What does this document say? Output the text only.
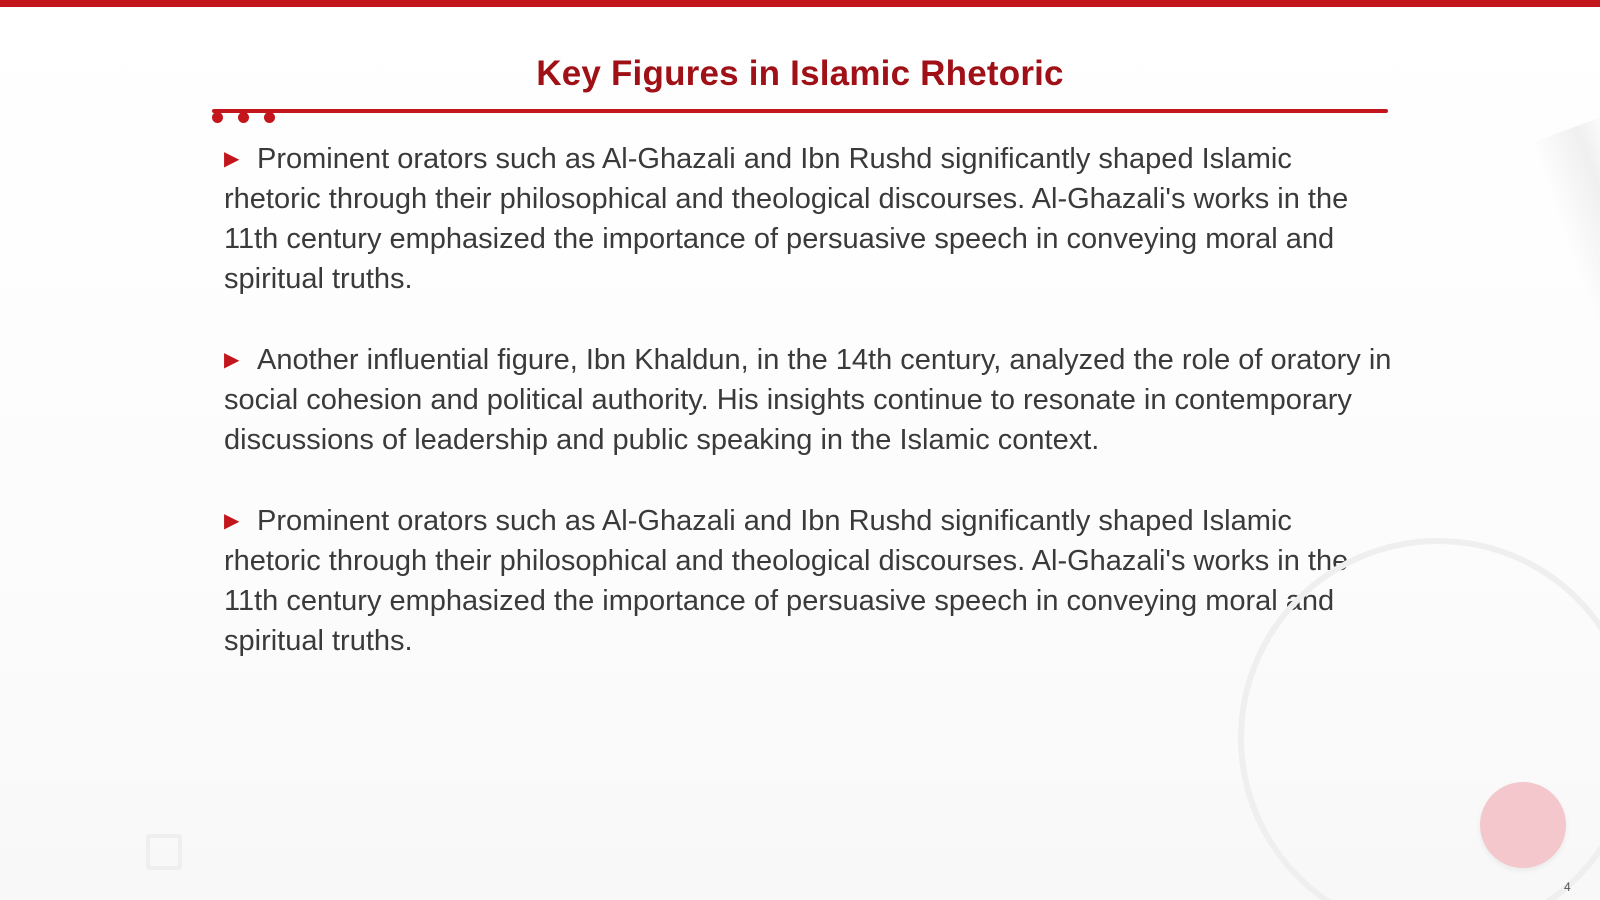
Key Figures in Islamic Rhetoric

▶ Prominent orators such as Al-Ghazali and Ibn Rushd significantly shaped Islamic rhetoric through their philosophical and theological discourses. Al-Ghazali's works in the 11th century emphasized the importance of persuasive speech in conveying moral and spiritual truths.

▶ Another influential figure, Ibn Khaldun, in the 14th century, analyzed the role of oratory in social cohesion and political authority. His insights continue to resonate in contemporary discussions of leadership and public speaking in the Islamic context.

▶ Prominent orators such as Al-Ghazali and Ibn Rushd significantly shaped Islamic rhetoric through their philosophical and theological discourses. Al-Ghazali's works in the 11th century emphasized the importance of persuasive speech in conveying moral and spiritual truths.

4
